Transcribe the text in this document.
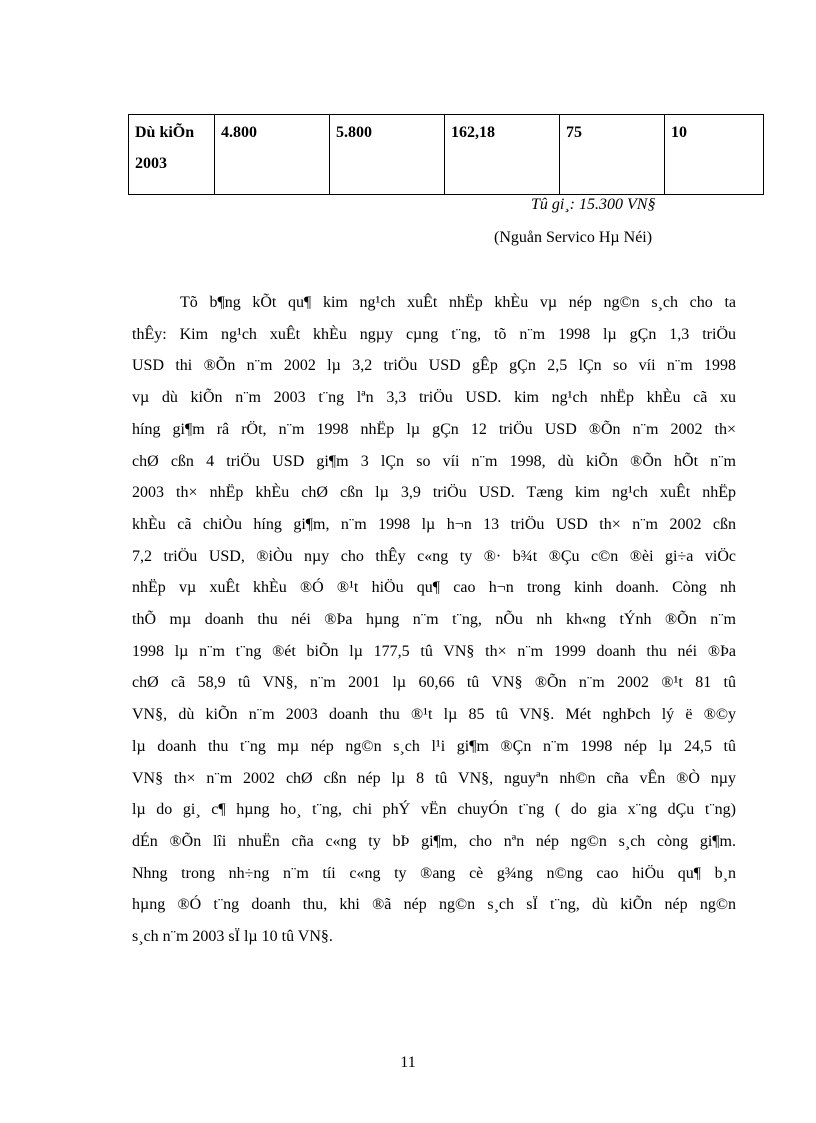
Dù kiÕn 2003	4.800	5.800	162,18	75	10
Tû gi¸: 15.300 VN§
(Nguån Servico Hµ Néi)

Tõ b¶ng kÕt qu¶ kim ng¹ch xuÊt nhËp khÈu vµ nép ng©n s¸ch cho ta
thÊy: Kim ng¹ch xuÊt khÈu ngµy cµng t¨ng, tõ n¨m 1998 lµ gÇn 1,3 triÖu
USD thi ®Õn n¨m 2002 lµ 3,2 triÖu USD gÊp gÇn 2,5 lÇn so víi n¨m 1998
vµ dù kiÕn n¨m 2003 t¨ng lªn 3,3 triÖu USD. kim ng¹ch nhËp khÈu cã xu
híng gi¶m râ rÖt, n¨m 1998 nhËp lµ gÇn 12 triÖu USD ®Õn n¨m 2002 th×
chØ cßn 4 triÖu USD gi¶m 3 lÇn so víi n¨m 1998, dù kiÕn ®Õn hÕt n¨m
2003 th× nhËp khÈu chØ cßn lµ 3,9 triÖu USD. Tæng kim ng¹ch xuÊt nhËp
khÈu cã chiÒu híng gi¶m, n¨m 1998 lµ h¬n 13 triÖu USD th× n¨m 2002 cßn
7,2 triÖu USD, ®iÒu nµy cho thÊy c«ng ty ®· b¾t ®Çu c©n ®èi gi÷a viÖc
nhËp vµ xuÊt khÈu ®Ó ®¹t hiÖu qu¶ cao h¬n trong kinh doanh. Còng nh
thÕ mµ doanh thu néi ®Þa hµng n¨m t¨ng, nÕu nh kh«ng tÝnh ®Õn n¨m
1998 lµ n¨m t¨ng ®ét biÕn lµ 177,5 tû VN§ th× n¨m 1999 doanh thu néi ®Þa
chØ cã 58,9 tû VN§, n¨m 2001 lµ 60,66 tû VN§ ®Õn n¨m 2002 ®¹t 81 tû
VN§, dù kiÕn n¨m 2003 doanh thu ®¹t lµ 85 tû VN§. Mét nghÞch lý ë ®©y
lµ doanh thu t¨ng mµ nép ng©n s¸ch l¹i gi¶m ®Çn n¨m 1998 nép lµ 24,5 tû
VN§ th× n¨m 2002 chØ cßn nép lµ 8 tû VN§, nguyªn nh©n cña vÊn ®Ò nµy
lµ do gi¸ c¶ hµng ho¸ t¨ng, chi phÝ vËn chuyÓn t¨ng ( do gia x¨ng dÇu t¨ng)
dÉn ®Õn lîi nhuËn cña c«ng ty bÞ gi¶m, cho nªn nép ng©n s¸ch còng gi¶m.
Nhng trong nh÷ng n¨m tíi c«ng ty ®ang cè g¾ng n©ng cao hiÖu qu¶ b¸n
hµng ®Ó t¨ng doanh thu, khi ®ã nép ng©n s¸ch sÏ t¨ng, dù kiÕn nép ng©n
s¸ch n¨m 2003 sÏ lµ 10 tû VN§.

11
